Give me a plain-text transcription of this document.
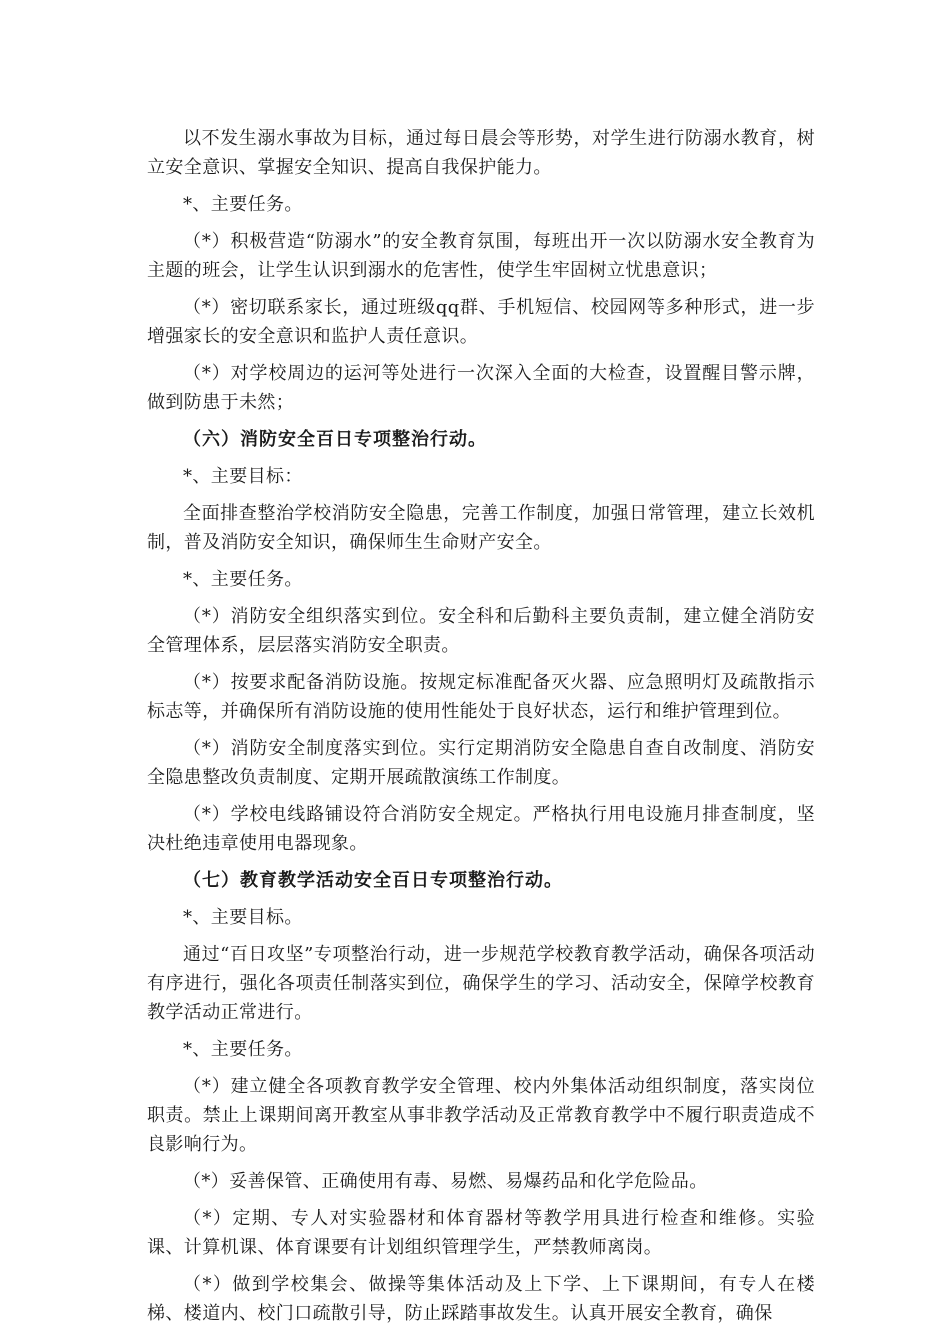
以不发生溺水事故为目标，通过每日晨会等形势，对学生进行防溺水教育，树立安全意识、掌握安全知识、提高自我保护能力。

*、主要任务。

（*）积极营造“防溺水”的安全教育氛围，每班出开一次以防溺水安全教育为主题的班会，让学生认识到溺水的危害性，使学生牢固树立忧患意识；

（*）密切联系家长，通过班级qq群、手机短信、校园网等多种形式，进一步增强家长的安全意识和监护人责任意识。

（*）对学校周边的运河等处进行一次深入全面的大检查，设置醒目警示牌，做到防患于未然；

（六）消防安全百日专项整治行动。

*、主要目标：

全面排查整治学校消防安全隐患，完善工作制度，加强日常管理，建立长效机制，普及消防安全知识，确保师生生命财产安全。

*、主要任务。

（*）消防安全组织落实到位。安全科和后勤科主要负责制，建立健全消防安全管理体系，层层落实消防安全职责。

（*）按要求配备消防设施。按规定标准配备灭火器、应急照明灯及疏散指示标志等，并确保所有消防设施的使用性能处于良好状态，运行和维护管理到位。

（*）消防安全制度落实到位。实行定期消防安全隐患自查自改制度、消防安全隐患整改负责制度、定期开展疏散演练工作制度。

（*）学校电线路铺设符合消防安全规定。严格执行用电设施月排查制度，坚决杜绝违章使用电器现象。

（七）教育教学活动安全百日专项整治行动。

*、主要目标。

通过“百日攻坚”专项整治行动，进一步规范学校教育教学活动，确保各项活动有序进行，强化各项责任制落实到位，确保学生的学习、活动安全，保障学校教育教学活动正常进行。

*、主要任务。

（*）建立健全各项教育教学安全管理、校内外集体活动组织制度，落实岗位职责。禁止上课期间离开教室从事非教学活动及正常教育教学中不履行职责造成不良影响行为。

（*）妥善保管、正确使用有毒、易燃、易爆药品和化学危险品。

（*）定期、专人对实验器材和体育器材等教学用具进行检查和维修。实验课、计算机课、体育课要有计划组织管理学生，严禁教师离岗。

（*）做到学校集会、做操等集体活动及上下学、上下课期间，有专人在楼梯、楼道内、校门口疏散引导，防止踩踏事故发生。认真开展安全教育，确保
